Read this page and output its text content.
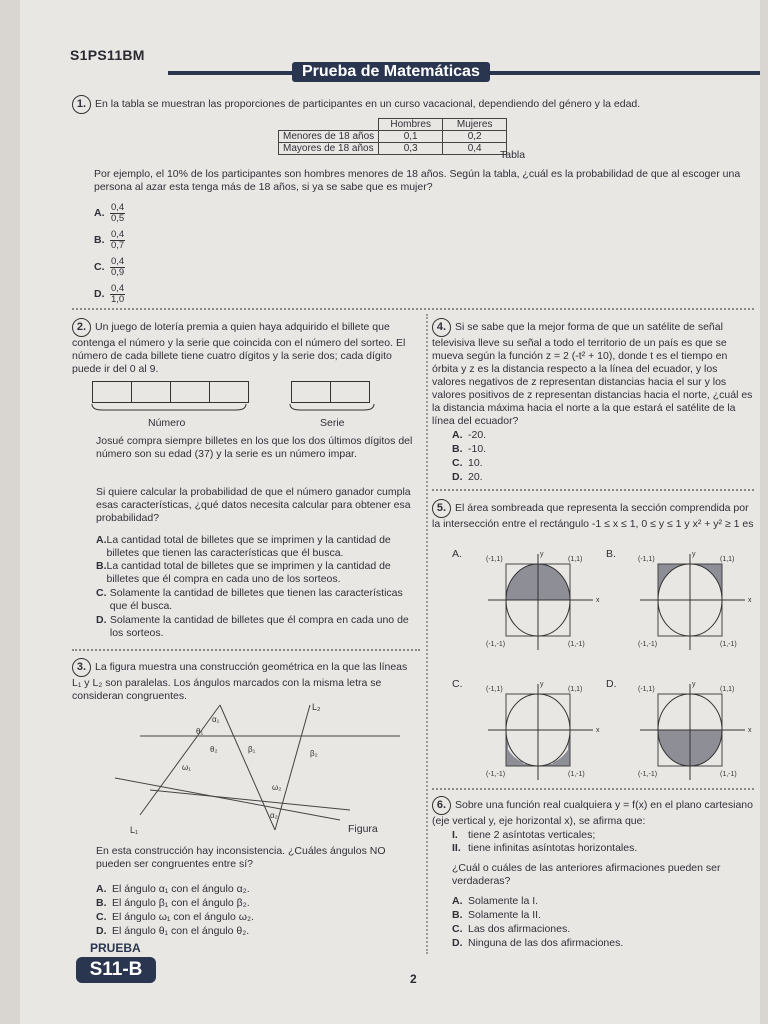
S1PS11BM
Prueba de Matemáticas
1. En la tabla se muestran las proporciones de participantes en un curso vacacional, dependiendo del género y la edad.
	Hombres	Mujeres
Menores de 18 años	0,1	0,2
Mayores de 18 años	0,3	0,4
Tabla
Por ejemplo, el 10% de los participantes son hombres menores de 18 años. Según la tabla, ¿cuál es la probabilidad de que al escoger una persona al azar esta tenga más de 18 años, si ya se sabe que es mujer?
A. $\frac{0,4}{0,5}$
B. $\frac{0,4}{0,7}$
C. $\frac{0,4}{0,9}$
D. $\frac{0,4}{1,0}$
2. Un juego de lotería premia a quien haya adquirido el billete que contenga el número y la serie que coincida con el número del sorteo. El número de cada billete tiene cuatro dígitos y la serie dos; cada dígito puede ir del 0 al 9.
Número	Serie
Josué compra siempre billetes en los que los dos últimos dígitos del número son su edad (37) y la serie es un número impar.
Si quiere calcular la probabilidad de que el número ganador cumpla esas características, ¿qué datos necesita calcular para obtener esa probabilidad?
A. La cantidad total de billetes que se imprimen y la cantidad de billetes que tienen las características que él busca.
B. La cantidad total de billetes que se imprimen y la cantidad de billetes que él compra en cada uno de los sorteos.
C. Solamente la cantidad de billetes que tienen las características que él busca.
D. Solamente la cantidad de billetes que él compra en cada uno de los sorteos.
3. La figura muestra una construcción geométrica en la que las líneas L₁ y L₂ son paralelas. Los ángulos marcados con la misma letra se consideran congruentes.
L₁
L₂
α₁
θ₁
θ₂	β₁	β₂
ω₁
ω₂
α₂
Figura
En esta construcción hay inconsistencia. ¿Cuáles ángulos NO pueden ser congruentes entre sí?
A. El ángulo α₁ con el ángulo α₂.
B. El ángulo β₁ con el ángulo β₂.
C. El ángulo ω₁ con el ángulo ω₂.
D. El ángulo θ₁ con el ángulo θ₂.
4. Si se sabe que la mejor forma de que un satélite de señal televisiva lleve su señal a todo el territorio de un país es que se mueva según la función z = 2 (-t² + 10), donde t es el tiempo en órbita y z es la distancia respecto a la línea del ecuador, y los valores negativos de z representan distancias hacia el sur y los valores positivos de z representan distancias hacia el norte, ¿cuál es la distancia máxima hacia el norte a la que estará el satélite de la línea del ecuador?
A. -20.
B. -10.
C. 10.
D. 20.
5. El área sombreada que representa la sección comprendida por la intersección entre el rectángulo -1 ≤ x ≤ 1, 0 ≤ y ≤ 1 y x² + y² ≥ 1 es
A.
x
y
(-1,1)	(1,1)
(-1,-1)	(1,-1)
B.
x
y
(-1,1)	(1,1)
(-1,-1)	(1,-1)
C.
x
y
(-1,1)	(1,1)
(-1,-1)	(1,-1)
D.
x
y
(-1,1)	(1,1)
(-1,-1)	(1,-1)
6. Sobre una función real cualquiera y = f(x) en el plano cartesiano (eje vertical y, eje horizontal x), se afirma que:
I. tiene 2 asíntotas verticales;
II. tiene infinitas asíntotas horizontales.
¿Cuál o cuáles de las anteriores afirmaciones pueden ser verdaderas?
A. Solamente la I.
B. Solamente la II.
C. Las dos afirmaciones.
D. Ninguna de las dos afirmaciones.
PRUEBA
S11-B	2
